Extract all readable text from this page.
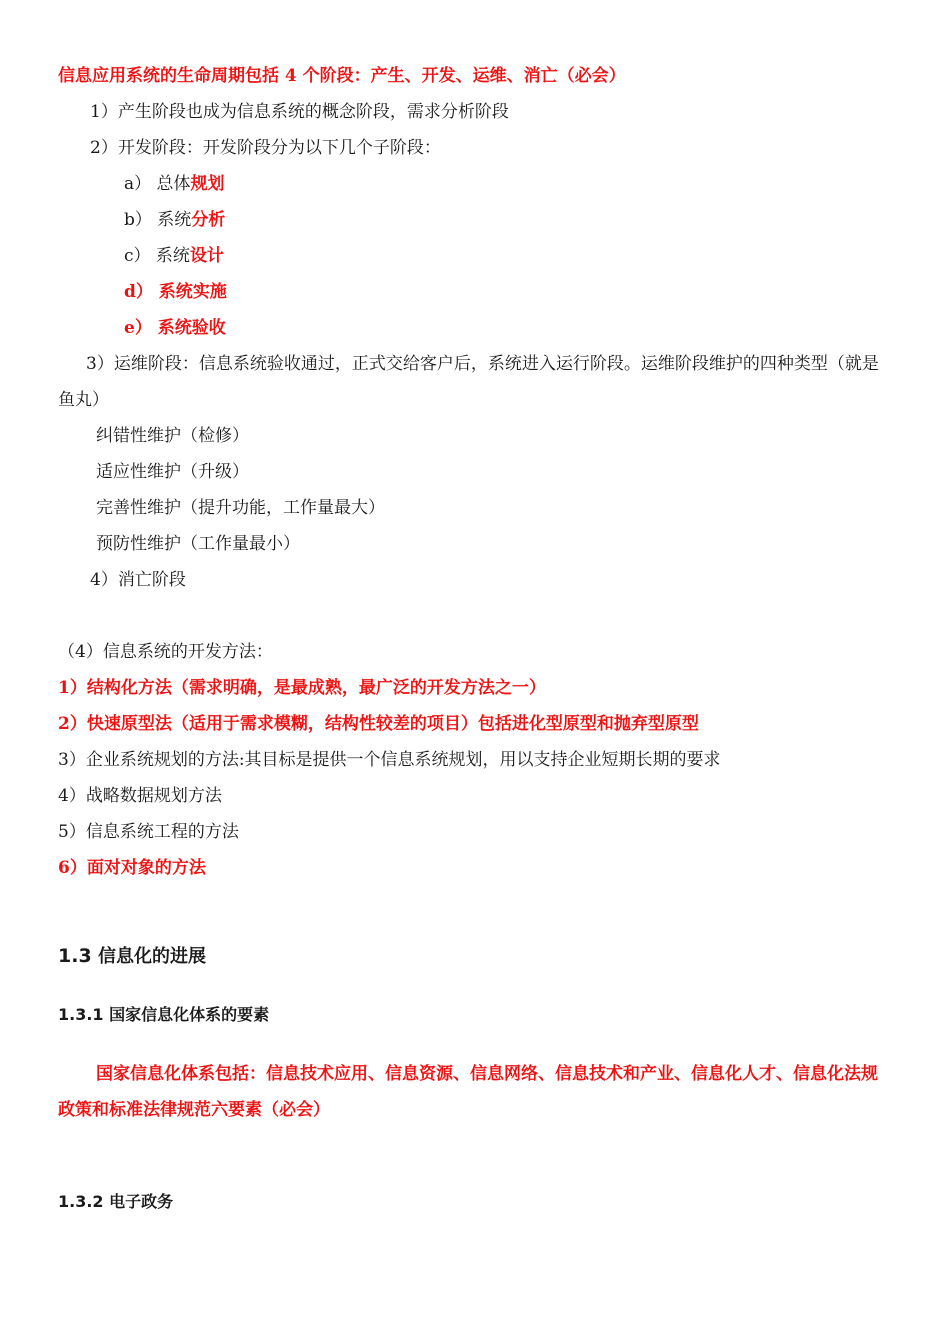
信息应用系统的生命周期包括 4 个阶段：产生、开发、运维、消亡（必会）
1）产生阶段也成为信息系统的概念阶段，需求分析阶段
2）开发阶段：开发阶段分为以下几个子阶段：
a） 总体规划
b） 系统分析
c） 系统设计
d） 系统实施
e） 系统验收
3）运维阶段：信息系统验收通过，正式交给客户后，系统进入运行阶段。运维阶段维护的四种类型（就是鱼丸）
纠错性维护（检修）
适应性维护（升级）
完善性维护（提升功能，工作量最大）
预防性维护（工作量最小）
4）消亡阶段
（4）信息系统的开发方法：
1）结构化方法（需求明确，是最成熟，最广泛的开发方法之一）
2）快速原型法（适用于需求模糊，结构性较差的项目）包括进化型原型和抛弃型原型
3）企业系统规划的方法:其目标是提供一个信息系统规划，用以支持企业短期长期的要求
4）战略数据规划方法
5）信息系统工程的方法
6）面对对象的方法
1.3 信息化的进展
1.3.1 国家信息化体系的要素
国家信息化体系包括：信息技术应用、信息资源、信息网络、信息技术和产业、信息化人才、信息化法规政策和标准法律规范六要素（必会）
1.3.2 电子政务
